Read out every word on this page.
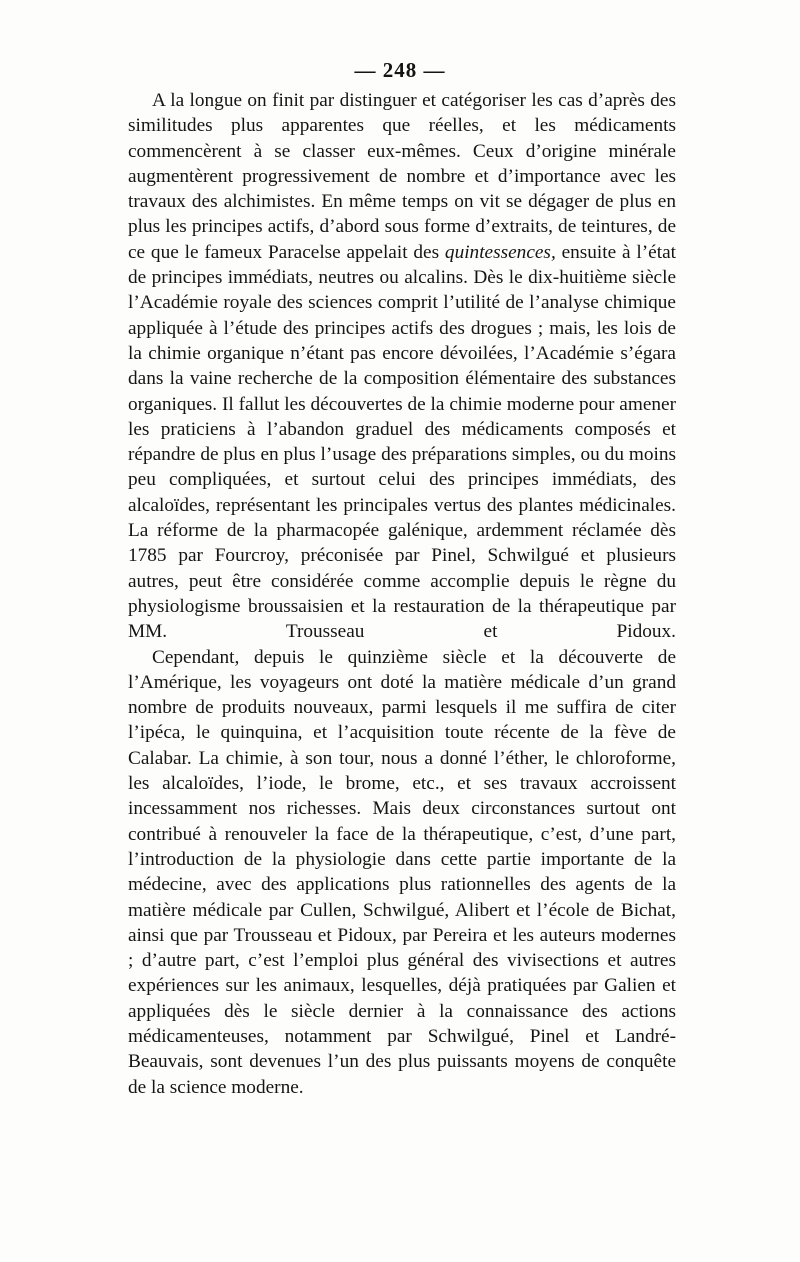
— 248 —

A la longue on finit par distinguer et catégoriser les cas d’après des similitudes plus apparentes que réelles, et les médicaments commencèrent à se classer eux-mêmes. Ceux d’origine minérale augmentèrent progressivement de nombre et d’importance avec les travaux des alchimistes. En même temps on vit se dégager de plus en plus les principes actifs, d’abord sous forme d’extraits, de teintures, de ce que le fameux Paracelse appelait des quintessences, ensuite à l’état de principes immédiats, neutres ou alcalins. Dès le dix-huitième siècle l’Académie royale des sciences comprit l’utilité de l’analyse chimique appliquée à l’étude des principes actifs des drogues ; mais, les lois de la chimie organique n’étant pas encore dévoilées, l’Académie s’égara dans la vaine recherche de la composition élémentaire des substances organiques. Il fallut les découvertes de la chimie moderne pour amener les praticiens à l’abandon graduel des médicaments composés et répandre de plus en plus l’usage des préparations simples, ou du moins peu compliquées, et surtout celui des principes immédiats, des alcaloïdes, représentant les principales vertus des plantes médicinales. La réforme de la pharmacopée galénique, ardemment réclamée dès 1785 par Fourcroy, préconisée par Pinel, Schwilgué et plusieurs autres, peut être considérée comme accomplie depuis le règne du physiologisme broussaisien et la restauration de la thérapeutique par MM. Trousseau et Pidoux.

Cependant, depuis le quinzième siècle et la découverte de l’Amérique, les voyageurs ont doté la matière médicale d’un grand nombre de produits nouveaux, parmi lesquels il me suffira de citer l’ipéca, le quinquina, et l’acquisition toute récente de la fève de Calabar. La chimie, à son tour, nous a donné l’éther, le chloroforme, les alcaloïdes, l’iode, le brome, etc., et ses travaux accroissent incessamment nos richesses. Mais deux circonstances surtout ont contribué à renouveler la face de la thérapeutique, c’est, d’une part, l’introduction de la physiologie dans cette partie importante de la médecine, avec des applications plus rationnelles des agents de la matière médicale par Cullen, Schwilgué, Alibert et l’école de Bichat, ainsi que par Trousseau et Pidoux, par Pereira et les auteurs modernes ; d’autre part, c’est l’emploi plus général des vivisections et autres expériences sur les animaux, lesquelles, déjà pratiquées par Galien et appliquées dès le siècle dernier à la connaissance des actions médicamenteuses, notamment par Schwilgué, Pinel et Landré-Beauvais, sont devenues l’un des plus puissants moyens de conquête de la science moderne.
